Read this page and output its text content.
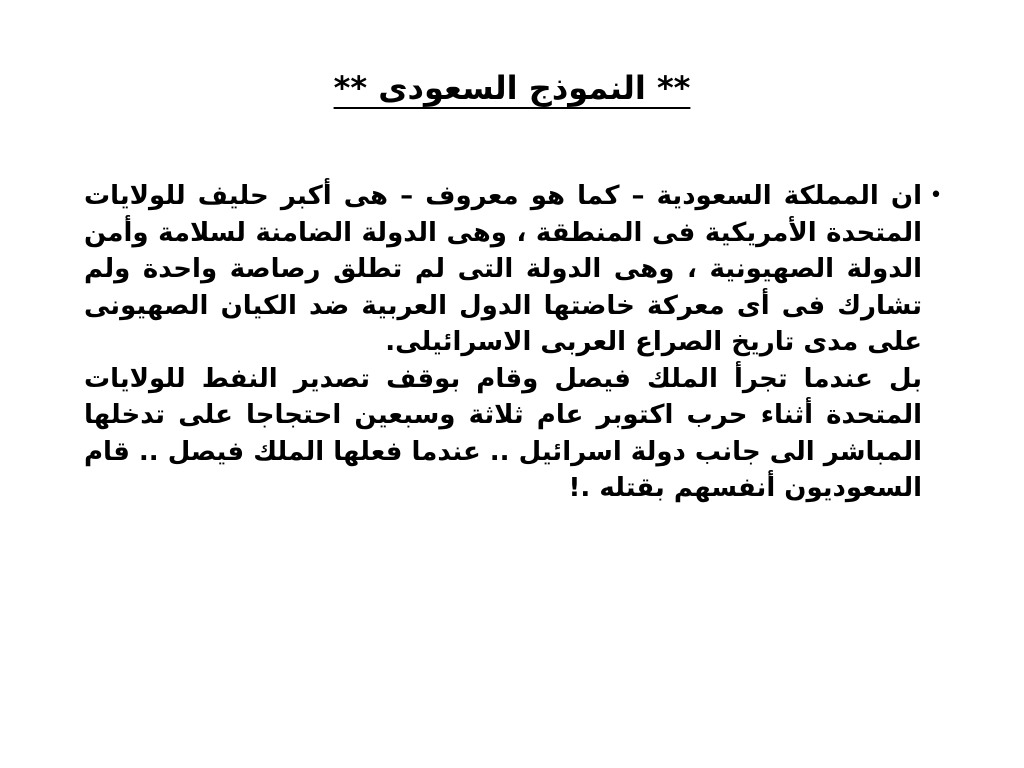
** النموذج السعودى **
•

ان المملكة السعودية – كما هو معروف – هى أكبر حليف للولايات المتحدة الأمريكية فى المنطقة ، وهى الدولة الضامنة لسلامة وأمن الدولة الصهيونية ، وهى الدولة التى لم تطلق رصاصة واحدة ولم تشارك فى أى معركة خاضتها الدول العربية ضد الكيان الصهيونى على مدى تاريخ الصراع العربى الاسرائيلى.

بل عندما تجرأ الملك فيصل وقام بوقف تصدير النفط للولايات المتحدة أثناء حرب اكتوبر عام ثلاثة وسبعين احتجاجا على تدخلها المباشر الى جانب دولة اسرائيل .. عندما فعلها الملك فيصل .. قام السعوديون أنفسهم بقتله .!
